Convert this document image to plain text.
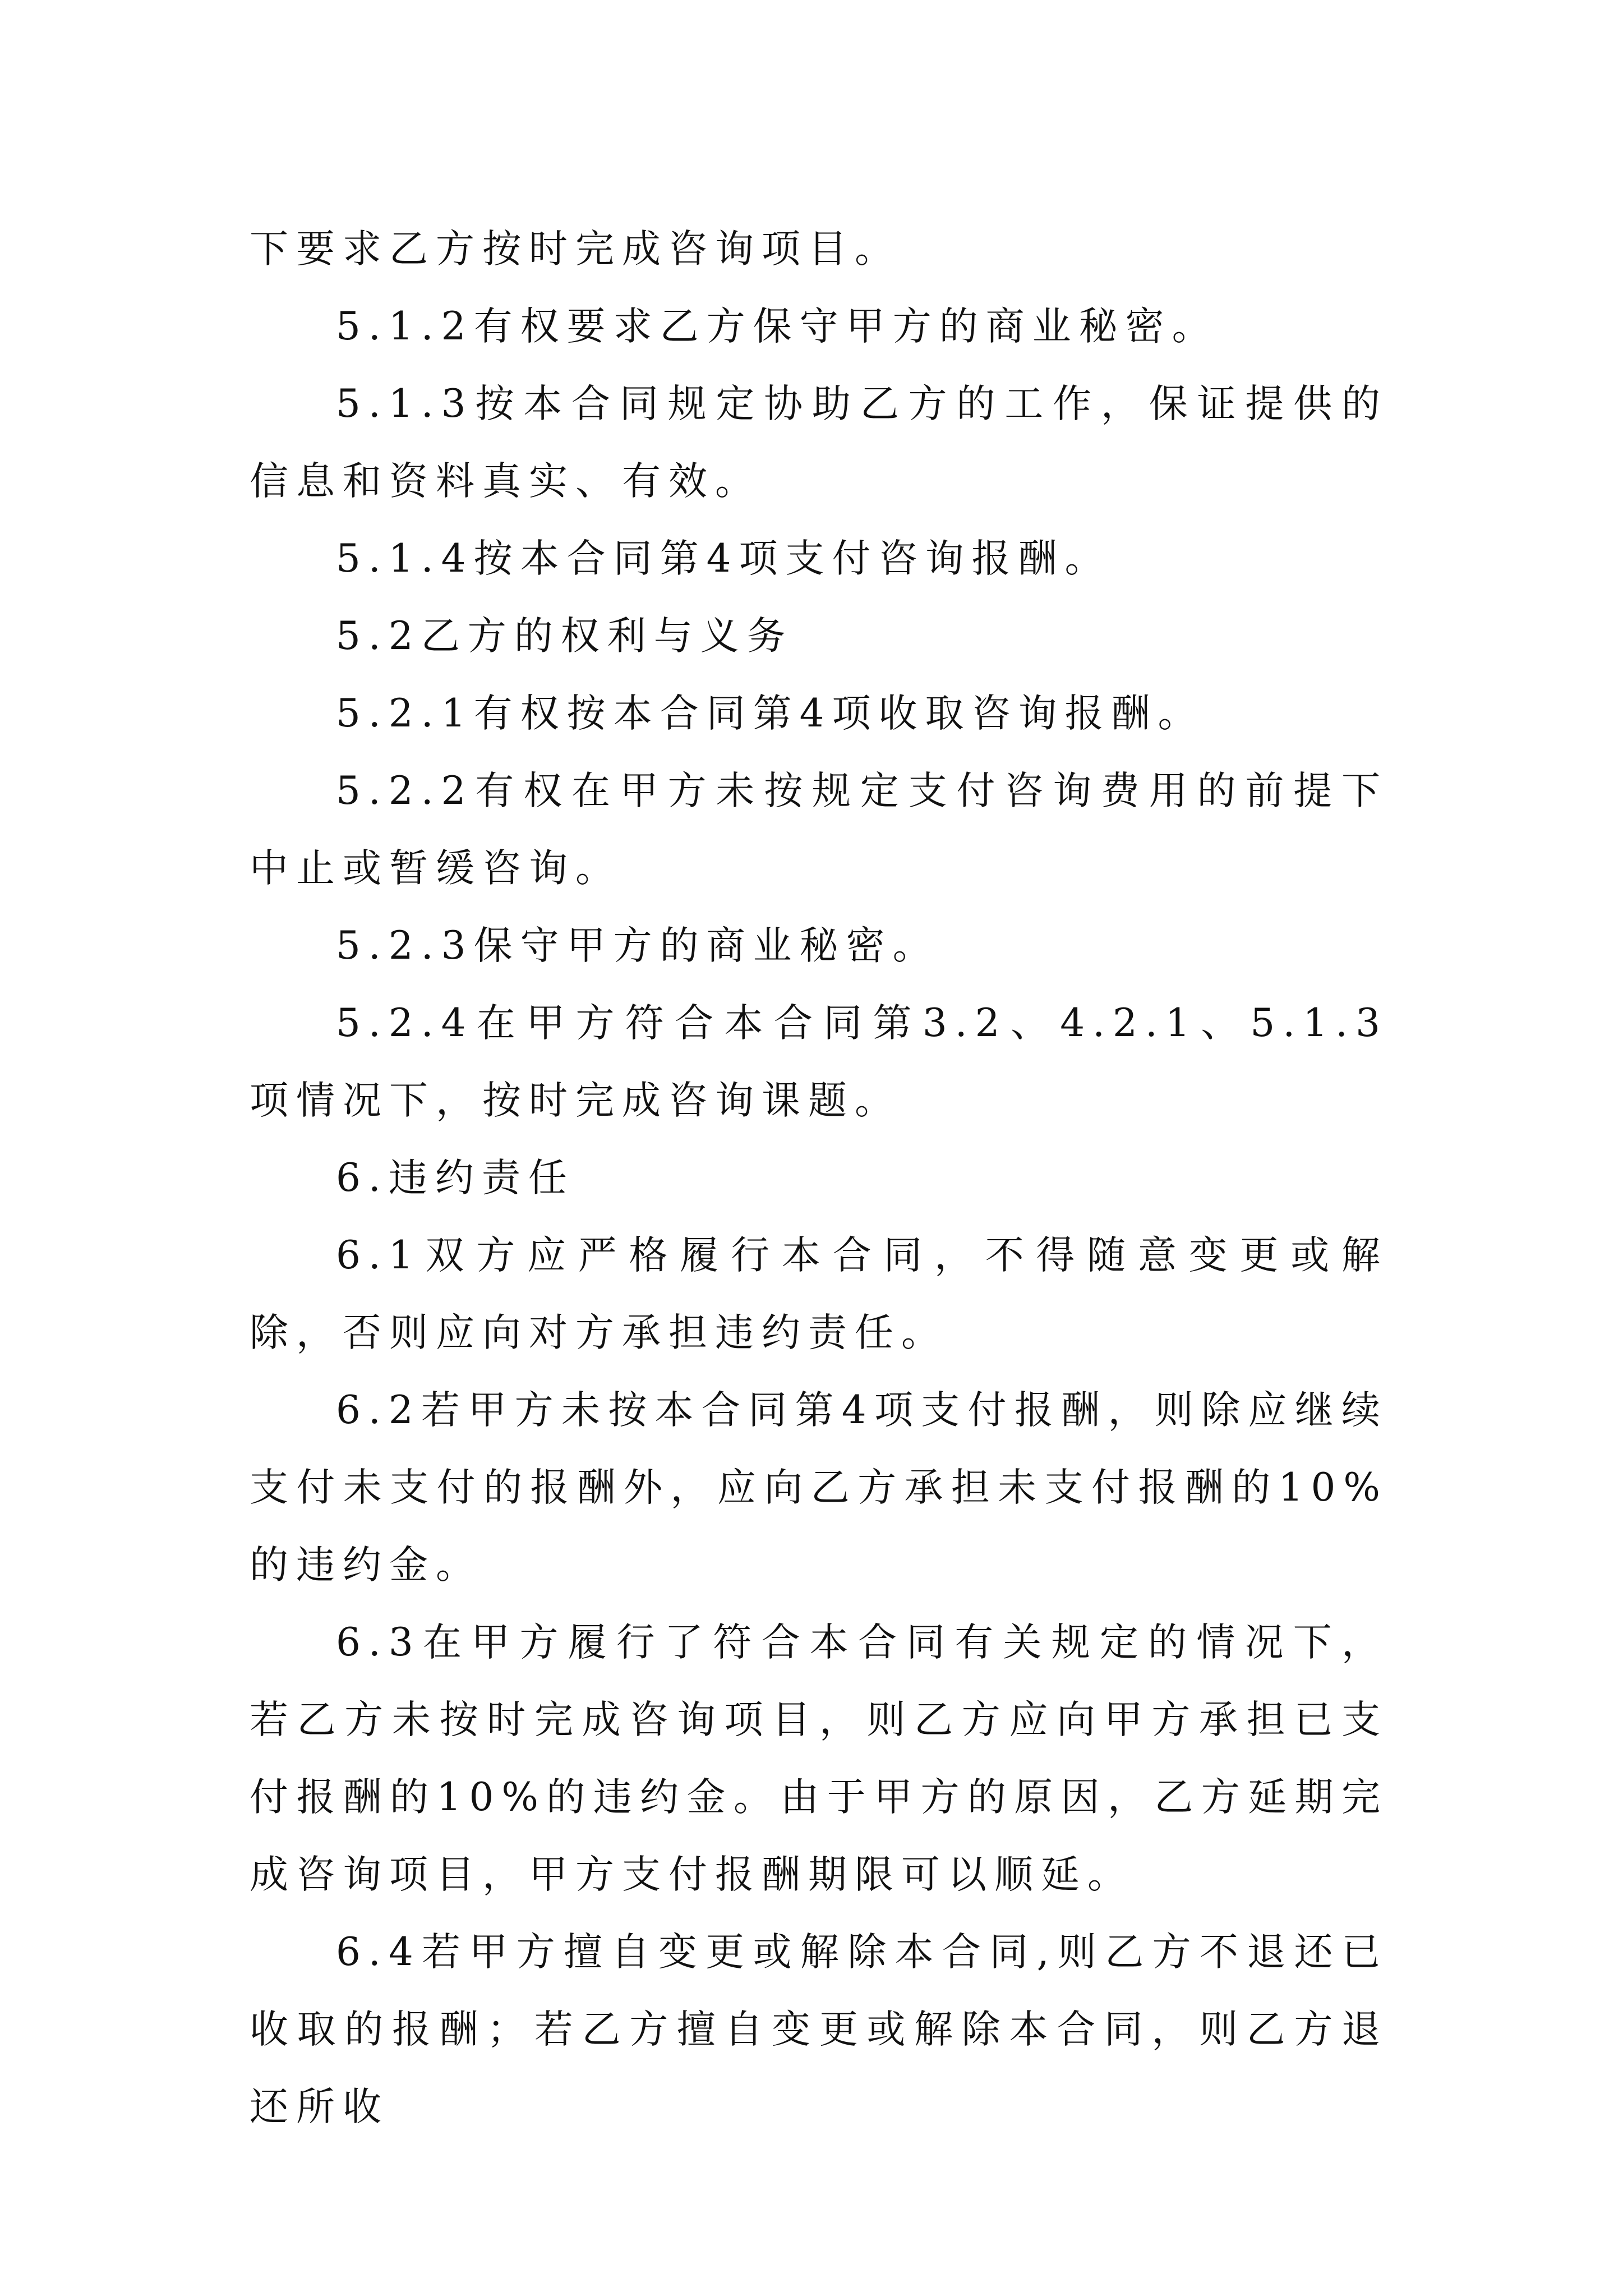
下要求乙方按时完成咨询项目。

5.1.2有权要求乙方保守甲方的商业秘密。

5.1.3按本合同规定协助乙方的工作，保证提供的信息和资料真实、有效。

5.1.4按本合同第4项支付咨询报酬。

5.2乙方的权利与义务

5.2.1有权按本合同第4项收取咨询报酬。

5.2.2有权在甲方未按规定支付咨询费用的前提下中止或暂缓咨询。

5.2.3保守甲方的商业秘密。

5.2.4在甲方符合本合同第3.2、4.2.1、5.1.3项情况下，按时完成咨询课题。

6.违约责任

6.1双方应严格履行本合同，不得随意变更或解除，否则应向对方承担违约责任。

6.2若甲方未按本合同第4项支付报酬，则除应继续支付未支付的报酬外，应向乙方承担未支付报酬的10%的违约金。

6.3在甲方履行了符合本合同有关规定的情况下，若乙方未按时完成咨询项目，则乙方应向甲方承担已支付报酬的10%的违约金。由于甲方的原因，乙方延期完成咨询项目，甲方支付报酬期限可以顺延。

6.4若甲方擅自变更或解除本合同,则乙方不退还已收取的报酬；若乙方擅自变更或解除本合同，则乙方退还所收
